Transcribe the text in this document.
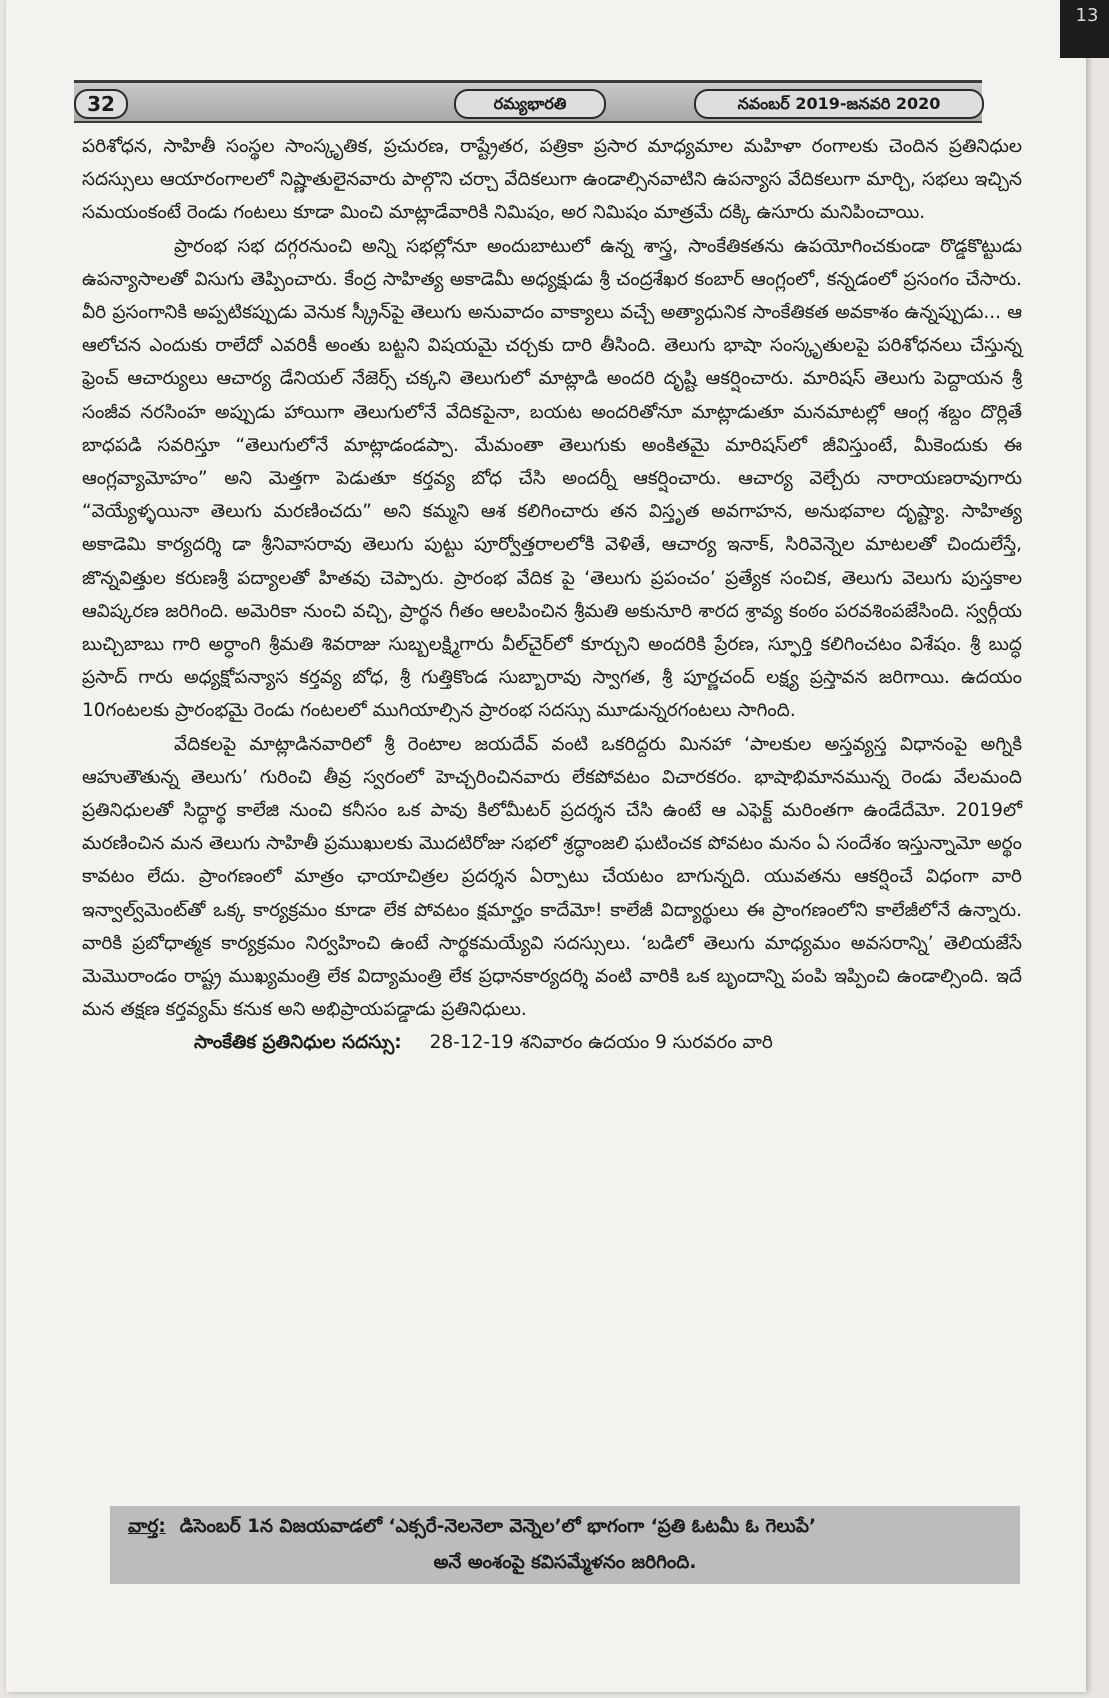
13
32	రమ్యభారతి	నవంబర్ 2019-జనవరి 2020

పరిశోధన, సాహితీ సంస్థల సాంస్కృతిక, ప్రచురణ, రాష్ట్రేతర, పత్రికా ప్రసార మాధ్యమాల మహిళా రంగాలకు చెందిన ప్రతినిధుల సదస్సులు ఆయారంగాలలో నిష్ణాతులైనవారు పాల్గొని చర్చా వేదికలుగా ఉండాల్సినవాటిని ఉపన్యాస వేదికలుగా మార్చి, సభలు ఇచ్చిన సమయంకంటే రెండు గంటలు కూడా మించి మాట్లాడేవారికి నిమిషం, అర నిమిషం మాత్రమే దక్కి ఉసూరు మనిపించాయి.

ప్రారంభ సభ దగ్గరనుంచి అన్ని సభల్లోనూ అందుబాటులో ఉన్న శాస్త్ర, సాంకేతికతను ఉపయోగించకుండా రొడ్డకొట్టుడు ఉపన్యాసాలతో విసుగు తెప్పించారు. కేంద్ర సాహిత్య అకాడెమీ అధ్యక్షుడు శ్రీ చంద్రశేఖర కంబార్ ఆంగ్లంలో, కన్నడంలో ప్రసంగం చేసారు. వీరి ప్రసంగానికి అప్పటికప్పుడు వెనుక స్క్రీన్‌పై తెలుగు అనువాదం వాక్యాలు వచ్చే అత్యాధునిక సాంకేతికత అవకాశం ఉన్నప్పుడు... ఆ ఆలోచన ఎందుకు రాలేదో ఎవరికీ అంతు బట్టని విషయమై చర్చకు దారి తీసింది. తెలుగు భాషా సంస్కృతులపై పరిశోధనలు చేస్తున్న ఫ్రెంచ్ ఆచార్యులు ఆచార్య డేనియల్ నేజెర్స్ చక్కని తెలుగులో మాట్లాడి అందరి దృష్టి ఆకర్షించారు. మారిషస్ తెలుగు పెద్దాయన శ్రీ సంజీవ నరసింహ అప్పుడు హాయిగా తెలుగులోనే వేదికపైనా, బయట అందరితోనూ మాట్లాడుతూ మనమాటల్లో ఆంగ్ల శబ్దం దొర్లితే బాధపడి సవరిస్తూ “తెలుగులోనే మాట్లాడండప్పా. మేమంతా తెలుగుకు అంకితమై మారిషస్‌లో జీవిస్తుంటే, మీకెందుకు ఈ ఆంగ్లవ్యామోహం” అని మెత్తగా పెడుతూ కర్తవ్య బోధ చేసి అందర్నీ ఆకర్షించారు. ఆచార్య వెల్చేరు నారాయణరావుగారు “వెయ్యేళ్ళయినా తెలుగు మరణించదు” అని కమ్మని ఆశ కలిగించారు తన విస్తృత అవగాహన, అనుభవాల దృష్ట్యా. సాహిత్య అకాడెమి కార్యదర్శి డా శ్రీనివాసరావు తెలుగు పుట్టు పూర్వోత్తరాలలోకి వెళితే, ఆచార్య ఇనాక్, సిరివెన్నెల మాటలతో చిందులేస్తే, జొన్నవిత్తుల కరుణశ్రీ పద్యాలతో హితవు చెప్పారు. ప్రారంభ వేదిక పై ‘తెలుగు ప్రపంచం’ ప్రత్యేక సంచిక, తెలుగు వెలుగు పుస్తకాల ఆవిష్కరణ జరిగింది. అమెరికా నుంచి వచ్చి, ప్రార్థన గీతం ఆలపించిన శ్రీమతి అకునూరి శారద శ్రావ్య కంఠం పరవశింపజేసింది. స్వర్గీయ బుచ్చిబాబు గారి అర్ధాంగి శ్రీమతి శివరాజు సుబ్బలక్ష్మిగారు వీల్‌చైర్‌లో కూర్చుని అందరికి ప్రేరణ, స్ఫూర్తి కలిగించటం విశేషం. శ్రీ బుద్ధ ప్రసాద్ గారు అధ్యక్షోపన్యాస కర్తవ్య బోధ, శ్రీ గుత్తికొండ సుబ్బారావు స్వాగత, శ్రీ పూర్ణచంద్ లక్ష్య ప్రస్తావన జరిగాయి. ఉదయం 10గంటలకు ప్రారంభమై రెండు గంటలలో ముగియాల్సిన ప్రారంభ సదస్సు మూడున్నరగంటలు సాగింది.

వేదికలపై మాట్లాడినవారిలో శ్రీ రెంటాల జయదేవ్ వంటి ఒకరిద్దరు మినహా ‘పాలకుల అస్తవ్యస్త విధానంపై అగ్నికి ఆహుతౌతున్న తెలుగు’ గురించి తీవ్ర స్వరంలో హెచ్చరించినవారు లేకపోవటం విచారకరం. భాషాభిమానమున్న రెండు వేలమంది ప్రతినిధులతో సిద్ధార్థ కాలేజి నుంచి కనీసం ఒక పావు కిలోమీటర్ ప్రదర్శన చేసి ఉంటే ఆ ఎఫెక్ట్ మరింతగా ఉండేదేమో. 2019లో మరణించిన మన తెలుగు సాహితీ ప్రముఖులకు మొదటిరోజు సభలో శ్రద్ధాంజలి ఘటించక పోవటం మనం ఏ సందేశం ఇస్తున్నామో అర్థం కావటం లేదు. ప్రాంగణంలో మాత్రం ఛాయాచిత్రల ప్రదర్శన ఏర్పాటు చేయటం బాగున్నది. యువతను ఆకర్షించే విధంగా వారి ఇన్వాల్వ్‌మెంట్‌తో ఒక్క కార్యక్రమం కూడా లేక పోవటం క్షమార్హం కాదేమో! కాలేజీ విద్యార్థులు ఈ ప్రాంగణంలోని కాలేజీలోనే ఉన్నారు. వారికి ప్రబోధాత్మక కార్యక్రమం నిర్వహించి ఉంటే సార్థకమయ్యేవి సదస్సులు. ‘బడిలో తెలుగు మాధ్యమం అవసరాన్ని’ తెలియజేసే మెమొరాండం రాష్ట్ర ముఖ్యమంత్రి లేక విద్యామంత్రి లేక ప్రధానకార్యదర్శి వంటి వారికి ఒక బృందాన్ని పంపి ఇప్పించి ఉండాల్సింది. ఇదే మన తక్షణ కర్తవ్యమ్ కనుక అని అభిప్రాయపడ్డాడు ప్రతినిధులు.

సాంకేతిక ప్రతినిధుల సదస్సు: 28-12-19 శనివారం ఉదయం 9 సురవరం వారి

వార్త: డిసెంబర్ 1న విజయవాడలో ‘ఎక్సరే-నెలనెలా వెన్నెల’లో భాగంగా ‘ప్రతి ఓటమీ ఓ గెలుపే’
అనే అంశంపై కవిసమ్మేళనం జరిగింది.
